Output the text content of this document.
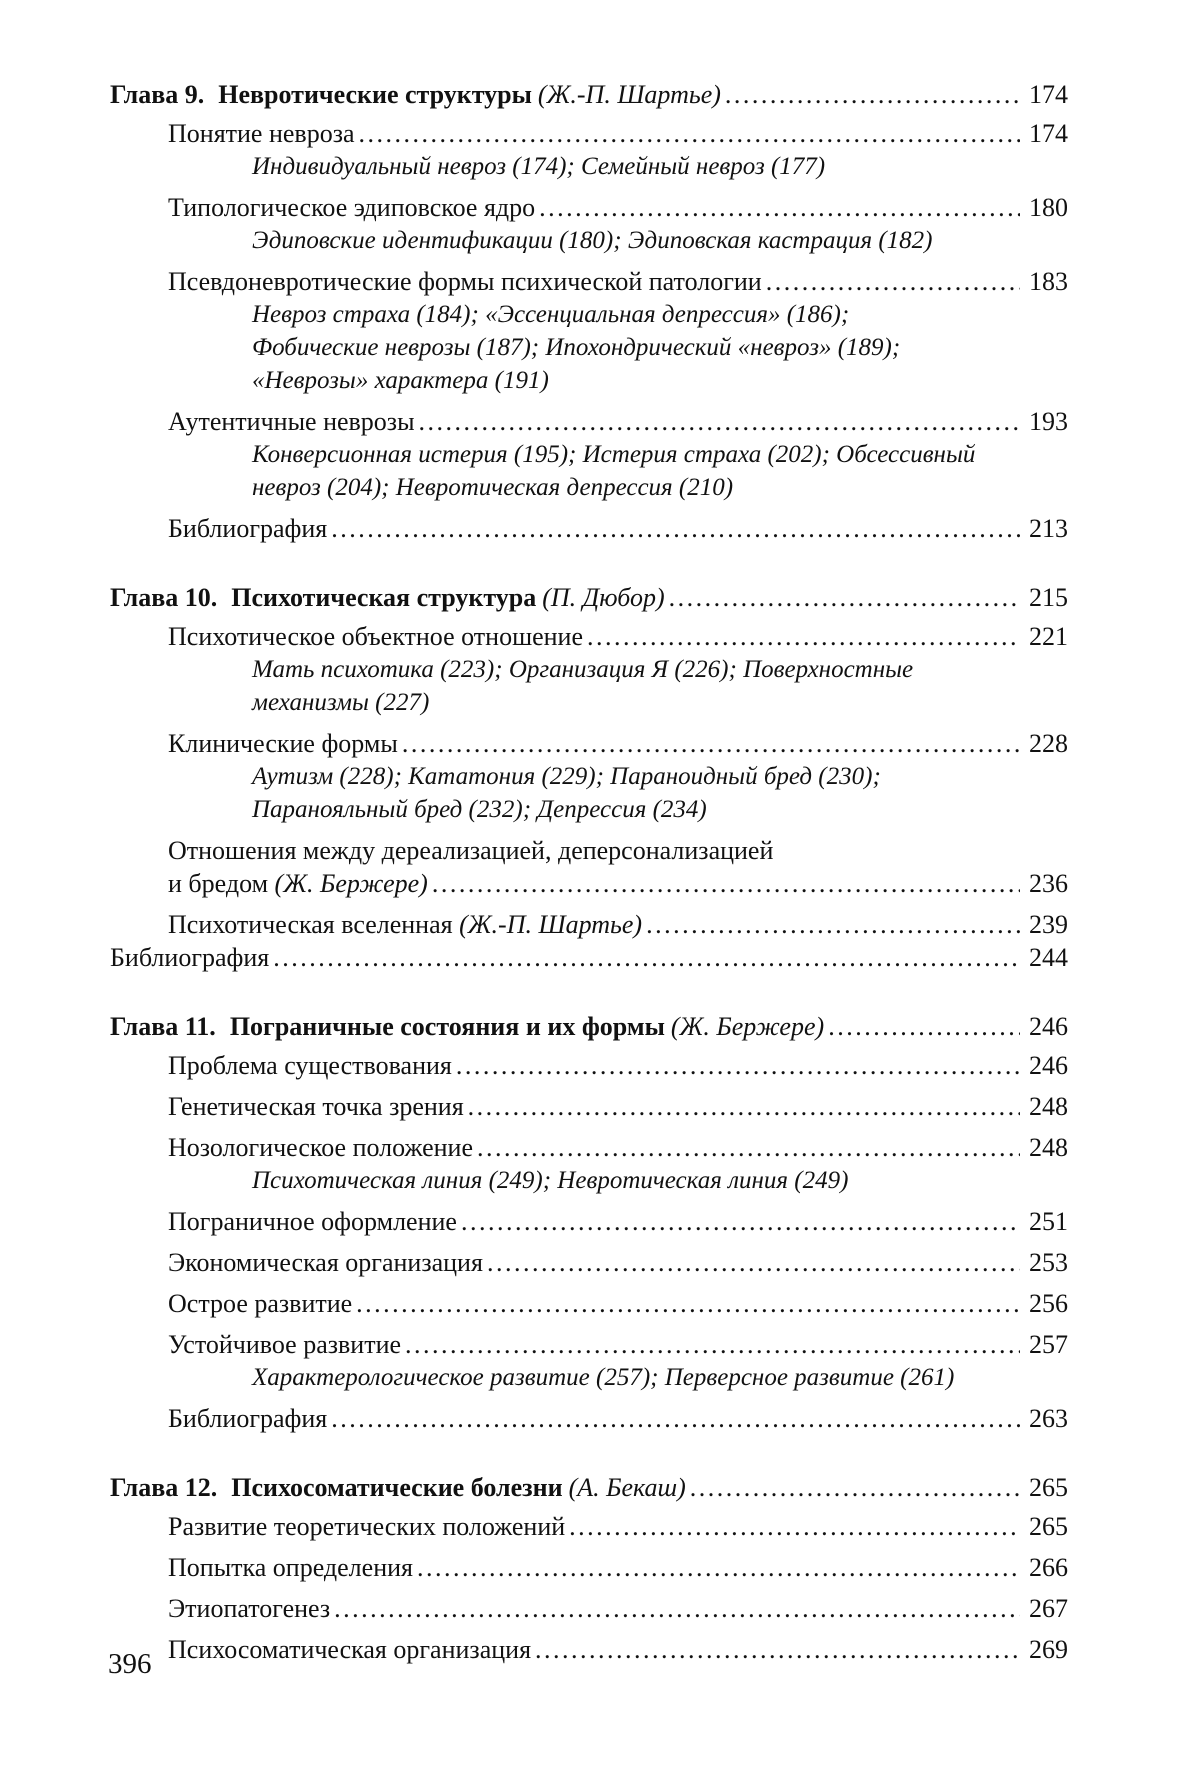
Глава 9. Невротические структуры (Ж.-П. Шартье) . . .	174
Понятие невроза . . .	174
Индивидуальный невроз (174); Семейный невроз (177)
Типологическое эдиповское ядро . . .	180
Эдиповские идентификации (180); Эдиповская кастрация (182)
Псевдоневротические формы психической патологии . . .	183
Невроз страха (184); «Эссенциальная депрессия» (186); Фобические неврозы (187); Ипохондрический «невроз» (189); «Неврозы» характера (191)
Аутентичные неврозы . . .	193
Конверсионная истерия (195); Истерия страха (202); Обсессивный невроз (204); Невротическая депрессия (210)
Библиография . . .	213
Глава 10. Психотическая структура (П. Дюбор) . . .	215
Психотическое объектное отношение . . .	221
Мать психотика (223); Организация Я (226); Поверхностные механизмы (227)
Клинические формы . . .	228
Аутизм (228); Кататония (229); Параноидный бред (230); Паранояльный бред (232); Депрессия (234)
Отношения между дереализацией, деперсонализацией
и бредом (Ж. Бержере) . . .	236
Психотическая вселенная (Ж.-П. Шартье) . . .	239
Библиография . . .	244
Глава 11. Пограничные состояния и их формы (Ж. Бержере) . . .	246
Проблема существования . . .	246
Генетическая точка зрения . . .	248
Нозологическое положение . . .	248
Психотическая линия (249); Невротическая линия (249)
Пограничное оформление . . .	251
Экономическая организация . . .	253
Острое развитие . . .	256
Устойчивое развитие . . .	257
Характерологическое развитие (257); Перверсное развитие (261)
Библиография . . .	263
Глава 12. Психосоматические болезни (А. Бекаш) . . .	265
Развитие теоретических положений . . .	265
Попытка определения . . .	266
Этиопатогенез . . .	267
Психосоматическая организация . . .	269
396
